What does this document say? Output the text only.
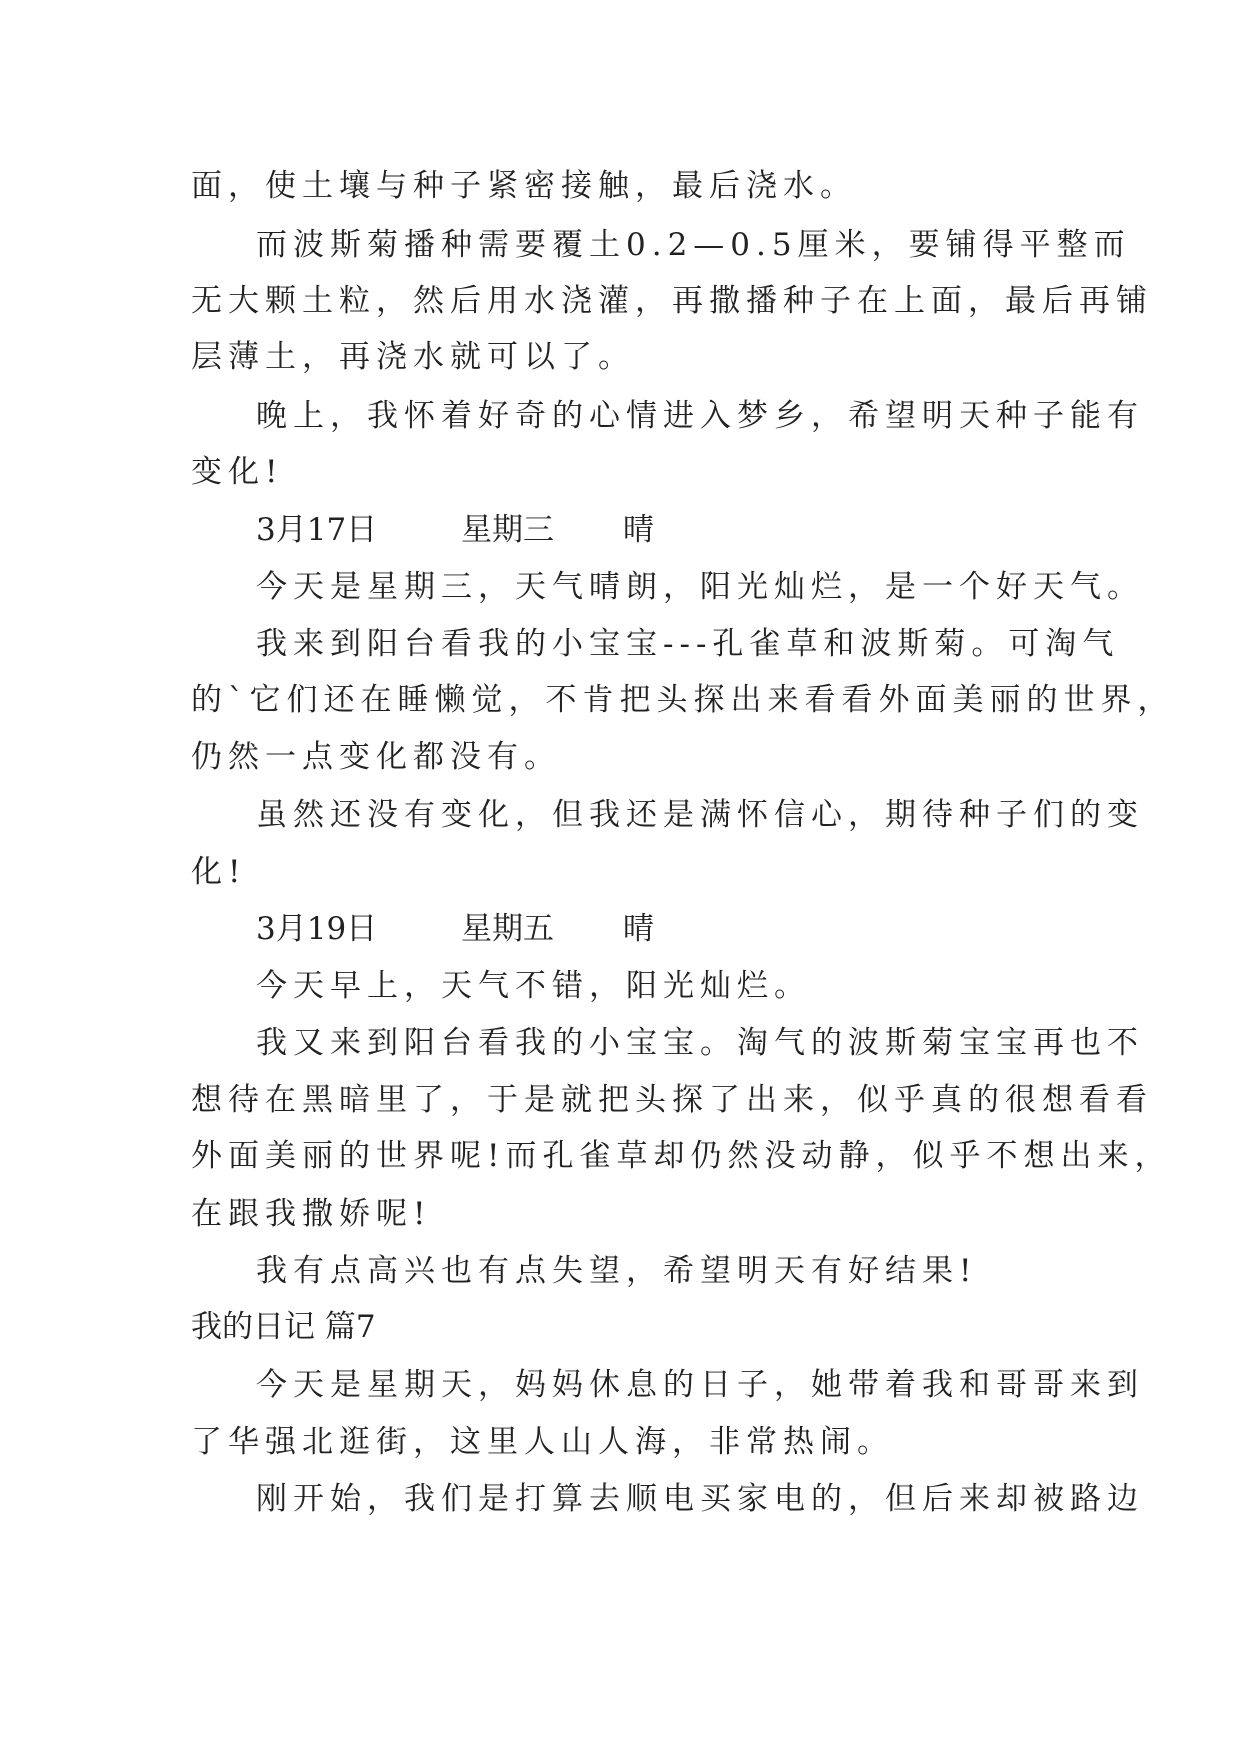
面，使土壤与种子紧密接触，最后浇水。
而波斯菊播种需要覆土0.2—0.5厘米，要铺得平整而
无大颗土粒，然后用水浇灌，再撒播种子在上面，最后再铺
层薄土，再浇水就可以了。
晚上，我怀着好奇的心情进入梦乡，希望明天种子能有
变化!
3月17日	星期三 晴
今天是星期三，天气晴朗，阳光灿烂，是一个好天气。
我来到阳台看我的小宝宝---孔雀草和波斯菊。可淘气
的`它们还在睡懒觉，不肯把头探出来看看外面美丽的世界，
仍然一点变化都没有。
虽然还没有变化，但我还是满怀信心，期待种子们的变
化!
3月19日	星期五 晴
今天早上，天气不错，阳光灿烂。
我又来到阳台看我的小宝宝。淘气的波斯菊宝宝再也不
想待在黑暗里了，于是就把头探了出来，似乎真的很想看看
外面美丽的世界呢!而孔雀草却仍然没动静，似乎不想出来，
在跟我撒娇呢!
我有点高兴也有点失望，希望明天有好结果!
我的日记 篇7
今天是星期天，妈妈休息的日子，她带着我和哥哥来到
了华强北逛街，这里人山人海，非常热闹。
刚开始，我们是打算去顺电买家电的，但后来却被路边
